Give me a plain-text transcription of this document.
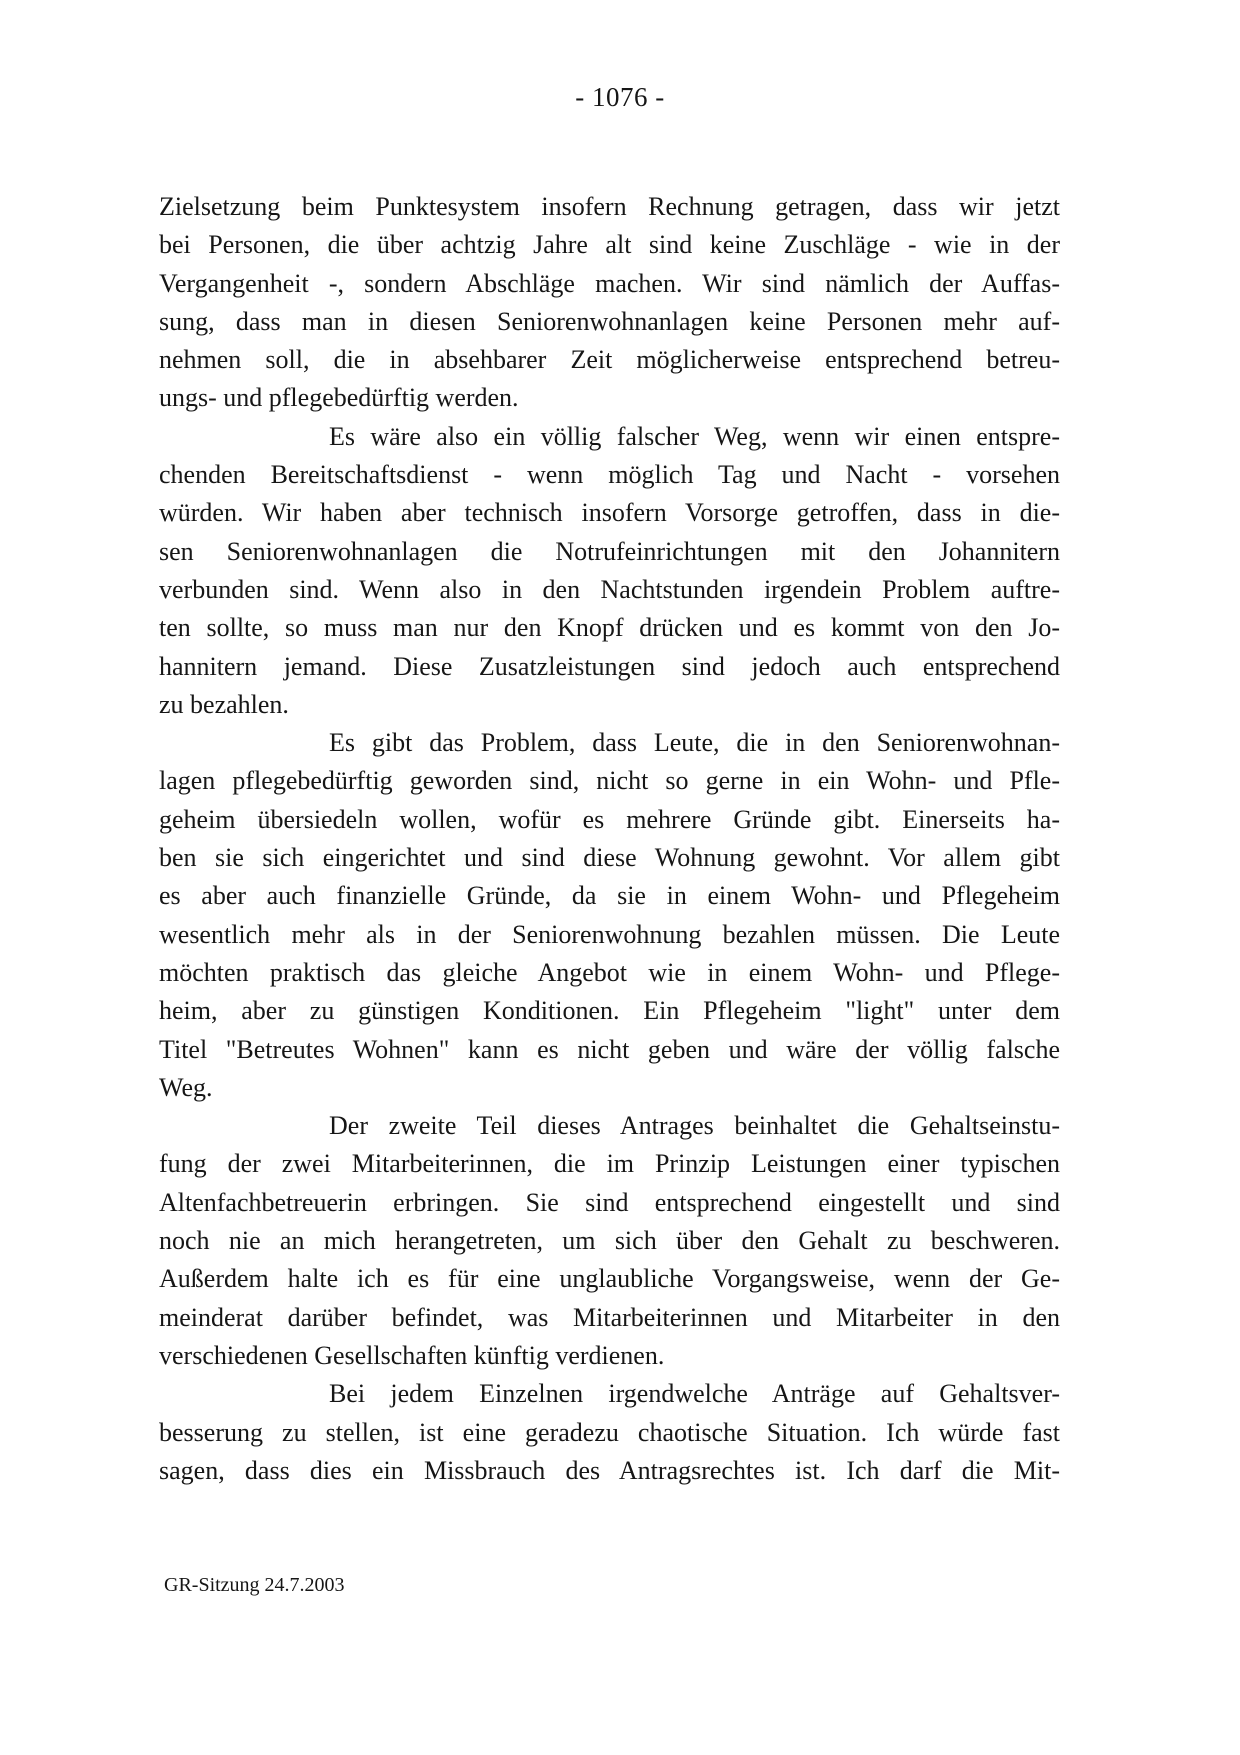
- 1076 -
Zielsetzung beim Punktesystem insofern Rechnung getragen, dass wir jetzt
bei Personen, die über achtzig Jahre alt sind keine Zuschläge - wie in der
Vergangenheit -, sondern Abschläge machen. Wir sind nämlich der Auffas-
sung, dass man in diesen Seniorenwohnanlagen keine Personen mehr auf-
nehmen soll, die in absehbarer Zeit möglicherweise entsprechend betreu-
ungs- und pflegebedürftig werden.
Es wäre also ein völlig falscher Weg, wenn wir einen entspre-
chenden Bereitschaftsdienst - wenn möglich Tag und Nacht - vorsehen
würden. Wir haben aber technisch insofern Vorsorge getroffen, dass in die-
sen Seniorenwohnanlagen die Notrufeinrichtungen mit den Johannitern
verbunden sind. Wenn also in den Nachtstunden irgendein Problem auftre-
ten sollte, so muss man nur den Knopf drücken und es kommt von den Jo-
hannitern jemand. Diese Zusatzleistungen sind jedoch auch entsprechend
zu bezahlen.
Es gibt das Problem, dass Leute, die in den Seniorenwohnan-
lagen pflegebedürftig geworden sind, nicht so gerne in ein Wohn- und Pfle-
geheim übersiedeln wollen, wofür es mehrere Gründe gibt. Einerseits ha-
ben sie sich eingerichtet und sind diese Wohnung gewohnt. Vor allem gibt
es aber auch finanzielle Gründe, da sie in einem Wohn- und Pflegeheim
wesentlich mehr als in der Seniorenwohnung bezahlen müssen. Die Leute
möchten praktisch das gleiche Angebot wie in einem Wohn- und Pflege-
heim, aber zu günstigen Konditionen. Ein Pflegeheim "light" unter dem
Titel "Betreutes Wohnen" kann es nicht geben und wäre der völlig falsche
Weg.
Der zweite Teil dieses Antrages beinhaltet die Gehaltseinstu-
fung der zwei Mitarbeiterinnen, die im Prinzip Leistungen einer typischen
Altenfachbetreuerin erbringen. Sie sind entsprechend eingestellt und sind
noch nie an mich herangetreten, um sich über den Gehalt zu beschweren.
Außerdem halte ich es für eine unglaubliche Vorgangsweise, wenn der Ge-
meinderat darüber befindet, was Mitarbeiterinnen und Mitarbeiter in den
verschiedenen Gesellschaften künftig verdienen.
Bei jedem Einzelnen irgendwelche Anträge auf Gehaltsver-
besserung zu stellen, ist eine geradezu chaotische Situation. Ich würde fast
sagen, dass dies ein Missbrauch des Antragsrechtes ist. Ich darf die Mit-
GR-Sitzung 24.7.2003
